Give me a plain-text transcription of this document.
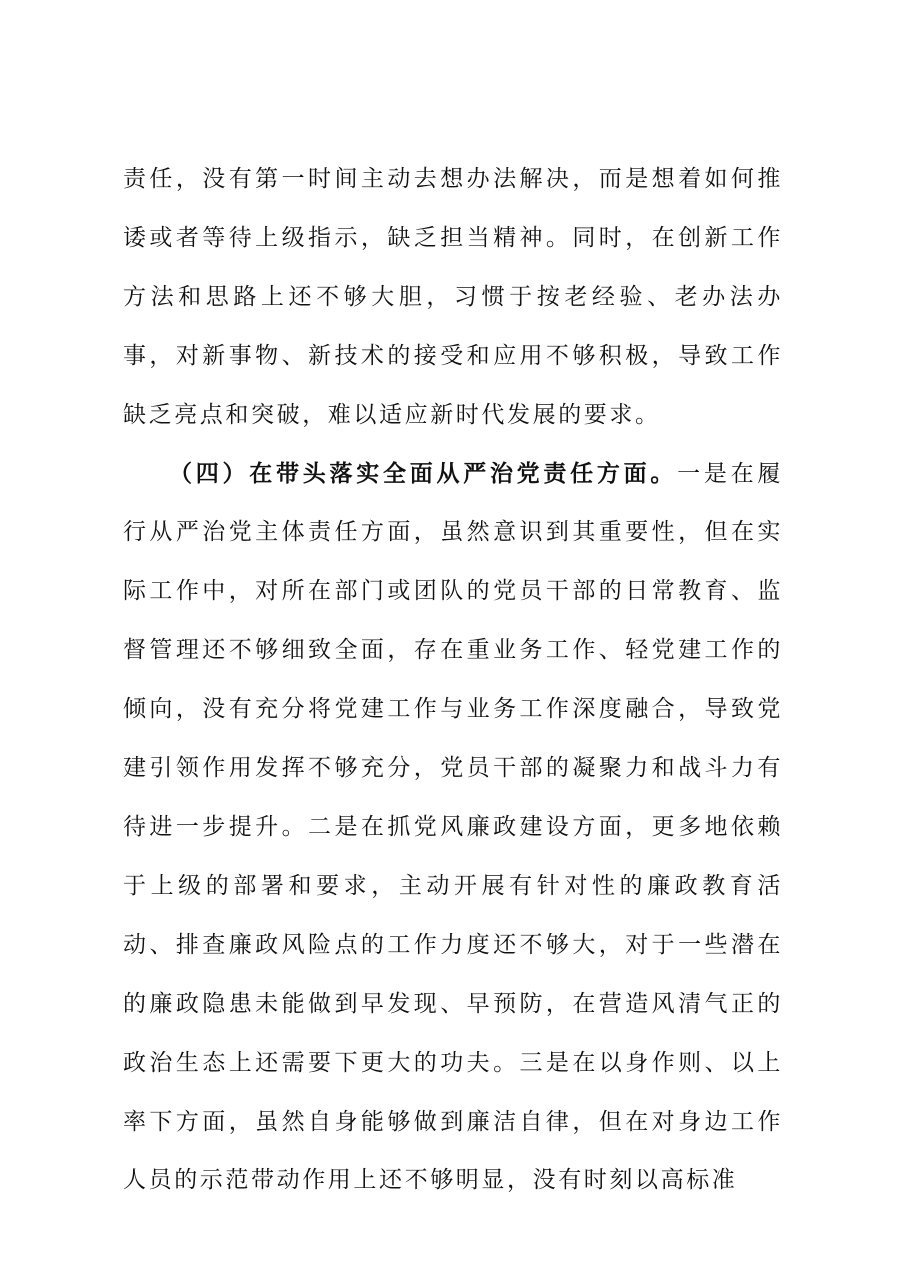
责任，没有第一时间主动去想办法解决，而是想着如何推诿或者等待上级指示，缺乏担当精神。同时，在创新工作方法和思路上还不够大胆，习惯于按老经验、老办法办事，对新事物、新技术的接受和应用不够积极，导致工作缺乏亮点和突破，难以适应新时代发展的要求。

（四）在带头落实全面从严治党责任方面。一是在履行从严治党主体责任方面，虽然意识到其重要性，但在实际工作中，对所在部门或团队的党员干部的日常教育、监督管理还不够细致全面，存在重业务工作、轻党建工作的倾向，没有充分将党建工作与业务工作深度融合，导致党建引领作用发挥不够充分，党员干部的凝聚力和战斗力有待进一步提升。二是在抓党风廉政建设方面，更多地依赖于上级的部署和要求，主动开展有针对性的廉政教育活动、排查廉政风险点的工作力度还不够大，对于一些潜在的廉政隐患未能做到早发现、早预防，在营造风清气正的政治生态上还需要下更大的功夫。三是在以身作则、以上率下方面，虽然自身能够做到廉洁自律，但在对身边工作人员的示范带动作用上还不够明显，没有时刻以高标准
